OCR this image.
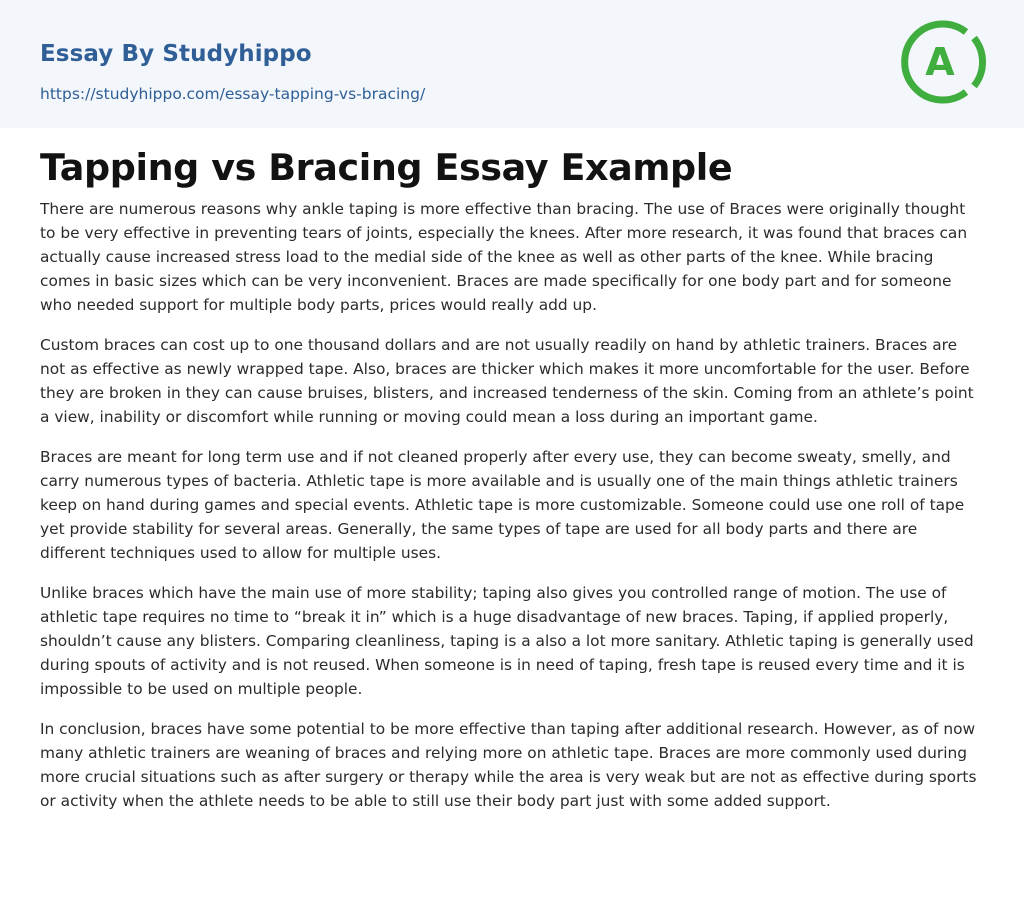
Essay By Studyhippo
https://studyhippo.com/essay-tapping-vs-bracing/
A
Tapping vs Bracing Essay Example

There are numerous reasons why ankle taping is more effective than bracing. The use of Braces were originally thought to be very effective in preventing tears of joints, especially the knees. After more research, it was found that braces can actually cause increased stress load to the medial side of the knee as well as other parts of the knee. While bracing comes in basic sizes which can be very inconvenient. Braces are made specifically for one body part and for someone who needed support for multiple body parts, prices would really add up.

Custom braces can cost up to one thousand dollars and are not usually readily on hand by athletic trainers. Braces are not as effective as newly wrapped tape. Also, braces are thicker which makes it more uncomfortable for the user. Before they are broken in they can cause bruises, blisters, and increased tenderness of the skin. Coming from an athlete’s point a view, inability or discomfort while running or moving could mean a loss during an important game.

Braces are meant for long term use and if not cleaned properly after every use, they can become sweaty, smelly, and carry numerous types of bacteria. Athletic tape is more available and is usually one of the main things athletic trainers keep on hand during games and special events. Athletic tape is more customizable. Someone could use one roll of tape yet provide stability for several areas. Generally, the same types of tape are used for all body parts and there are different techniques used to allow for multiple uses.

Unlike braces which have the main use of more stability; taping also gives you controlled range of motion. The use of athletic tape requires no time to “break it in” which is a huge disadvantage of new braces. Taping, if applied properly, shouldn’t cause any blisters. Comparing cleanliness, taping is a also a lot more sanitary. Athletic taping is generally used during spouts of activity and is not reused. When someone is in need of taping, fresh tape is reused every time and it is impossible to be used on multiple people.

In conclusion, braces have some potential to be more effective than taping after additional research. However, as of now many athletic trainers are weaning of braces and relying more on athletic tape. Braces are more commonly used during more crucial situations such as after surgery or therapy while the area is very weak but are not as effective during sports or activity when the athlete needs to be able to still use their body part just with some added support.
